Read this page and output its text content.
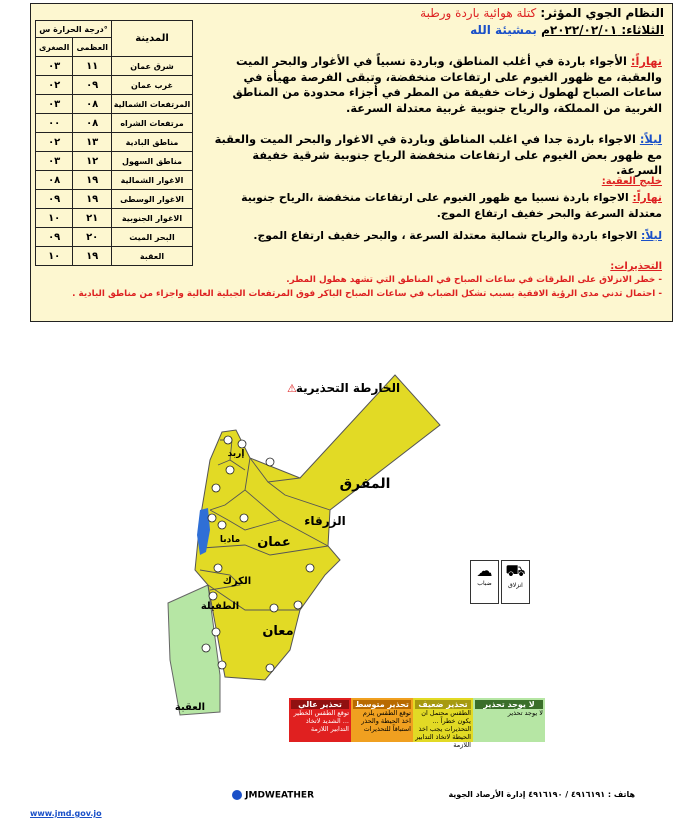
النظام الجوي المؤثر: كتلة هوائية باردة ورطبة
الثلاثاء: ٢٠٢٢/٠٢/٠١م بمشيئة الله
درجة الحرارة س°		المدينة
الصغرى	العظمى	
٠٣	١١	شرق عمان
٠٢	٠٩	غرب عمان
٠٣	٠٨	المرتفعات الشمالية
٠٠	٠٨	مرتفعات الشراه
٠٢	١٣	مناطق البادية
٠٣	١٢	مناطق السهول
٠٨	١٩	الاغوار الشمالية
٠٩	١٩	الاغوار الوسطى
١٠	٢١	الاغوار الجنوبية
٠٩	٢٠	البحر الميت
١٠	١٩	العقبة
نهاراً: الأجواء باردة في أغلب المناطق، وباردة نسبياً في الأغوار والبحر الميت والعقبة، مع ظهور الغيوم على ارتفاعات منخفضة، وتبقى الفرصة مهيأة في ساعات الصباح لهطول زخات خفيفة من المطر في أجزاء محدودة من المناطق الغربية من المملكة، والرياح جنوبية غربية معتدلة السرعة.
ليلاً: الاجواء باردة جدا في اغلب المناطق وباردة في الاغوار والبحر الميت والعقبة مع ظهور بعض الغيوم على ارتفاعات منخفضة الرياح جنوبية شرقية خفيفة السرعة.
خليج العقبة:
نهاراً: الاجواء باردة نسبيا مع ظهور الغيوم على ارتفاعات منخفضة ،الرياح جنوبية معتدلة السرعة والبحر خفيف ارتفاع الموج.
ليلاً: الاجواء باردة والرياح شمالية معتدلة السرعة ، والبحر خفيف ارتفاع الموج.
التحذيرات:
- خطر الانزلاق على الطرقات في ساعات الصباح في المناطق التي تشهد هطول المطر.
- احتمال تدني مدى الرؤية الافقية بسبب تشكل الضباب في ساعات الصباح الباكر فوق المرتفعات الجبلية العالية واجزاء من مناطق البادية .
الخارطة التحذيرية
⚠
المفرق
الزرقاء
عمان
إربد
مادبا
الكرك
الطفيلة
معان
العقبة
☁
ضباب
⛟
انزلاق
لا يوجد تحذير
لا يوجد تحذير
تحذير ضعيف
الطقس محتمل ان يكون خطراً ... التحذيرات يجب اخذ الحيطة لاتخاذ التدابير اللازمة
تحذير متوسط
توقع الطقس يلزم اخذ الحيطة والحذر استباقاً للتحذيرات
تحذير عالي
توقع الطقس الخطير ... الشديد لاتخاذ التدابير اللازمة
JMDWEATHER	هاتف : ٤٩١٦١٩١ / ٤٩١٦١٩٠ إدارة الأرصاد الجوية
www.jmd.gov.jo
